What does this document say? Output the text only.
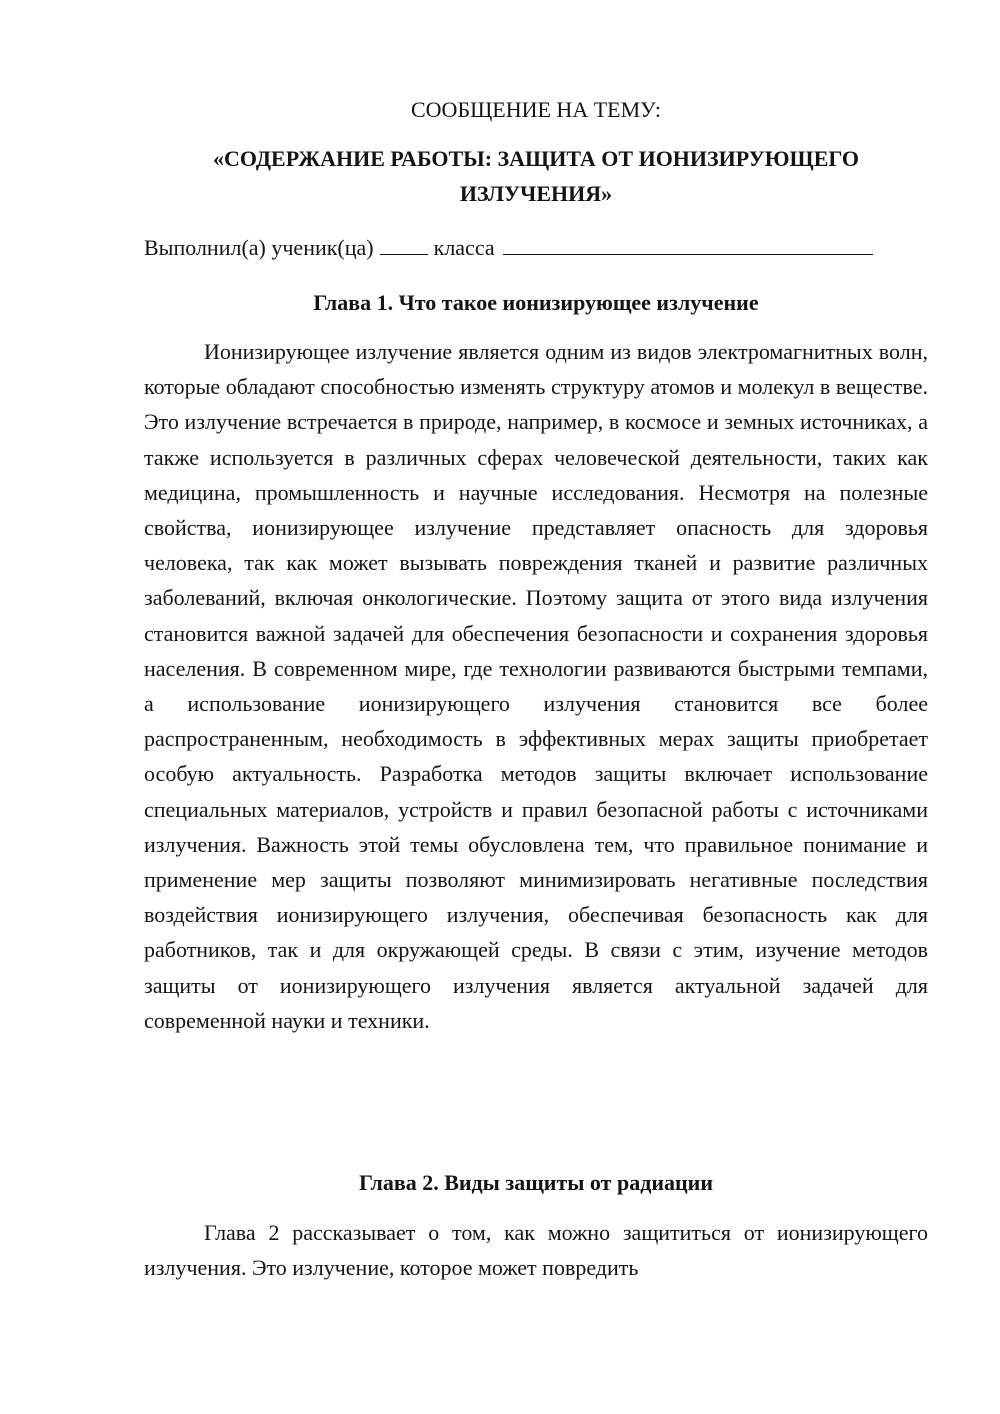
СООБЩЕНИЕ НА ТЕМУ:

«СОДЕРЖАНИЕ РАБОТЫ: ЗАЩИТА ОТ ИОНИЗИРУЮЩЕГО ИЗЛУЧЕНИЯ»

Выполнил(а) ученик(ца)	класса
Глава 1. Что такое ионизирующее излучение

Ионизирующее излучение является одним из видов электромагнитных волн, которые обладают способностью изменять структуру атомов и молекул в веществе. Это излучение встречается в природе, например, в космосе и земных источниках, а также используется в различных сферах человеческой деятельности, таких как медицина, промышленность и научные исследования. Несмотря на полезные свойства, ионизирующее излучение представляет опасность для здоровья человека, так как может вызывать повреждения тканей и развитие различных заболеваний, включая онкологические. Поэтому защита от этого вида излучения становится важной задачей для обеспечения безопасности и сохранения здоровья населения. В современном мире, где технологии развиваются быстрыми темпами, а использование ионизирующего излучения становится все более распространенным, необходимость в эффективных мерах защиты приобретает особую актуальность. Разработка методов защиты включает использование специальных материалов, устройств и правил безопасной работы с источниками излучения. Важность этой темы обусловлена тем, что правильное понимание и применение мер защиты позволяют минимизировать негативные последствия воздействия ионизирующего излучения, обеспечивая безопасность как для работников, так и для окружающей среды. В связи с этим, изучение методов защиты от ионизирующего излучения является актуальной задачей для современной науки и техники.

Глава 2. Виды защиты от радиации

Глава 2 рассказывает о том, как можно защититься от ионизирующего излучения. Это излучение, которое может повредить
